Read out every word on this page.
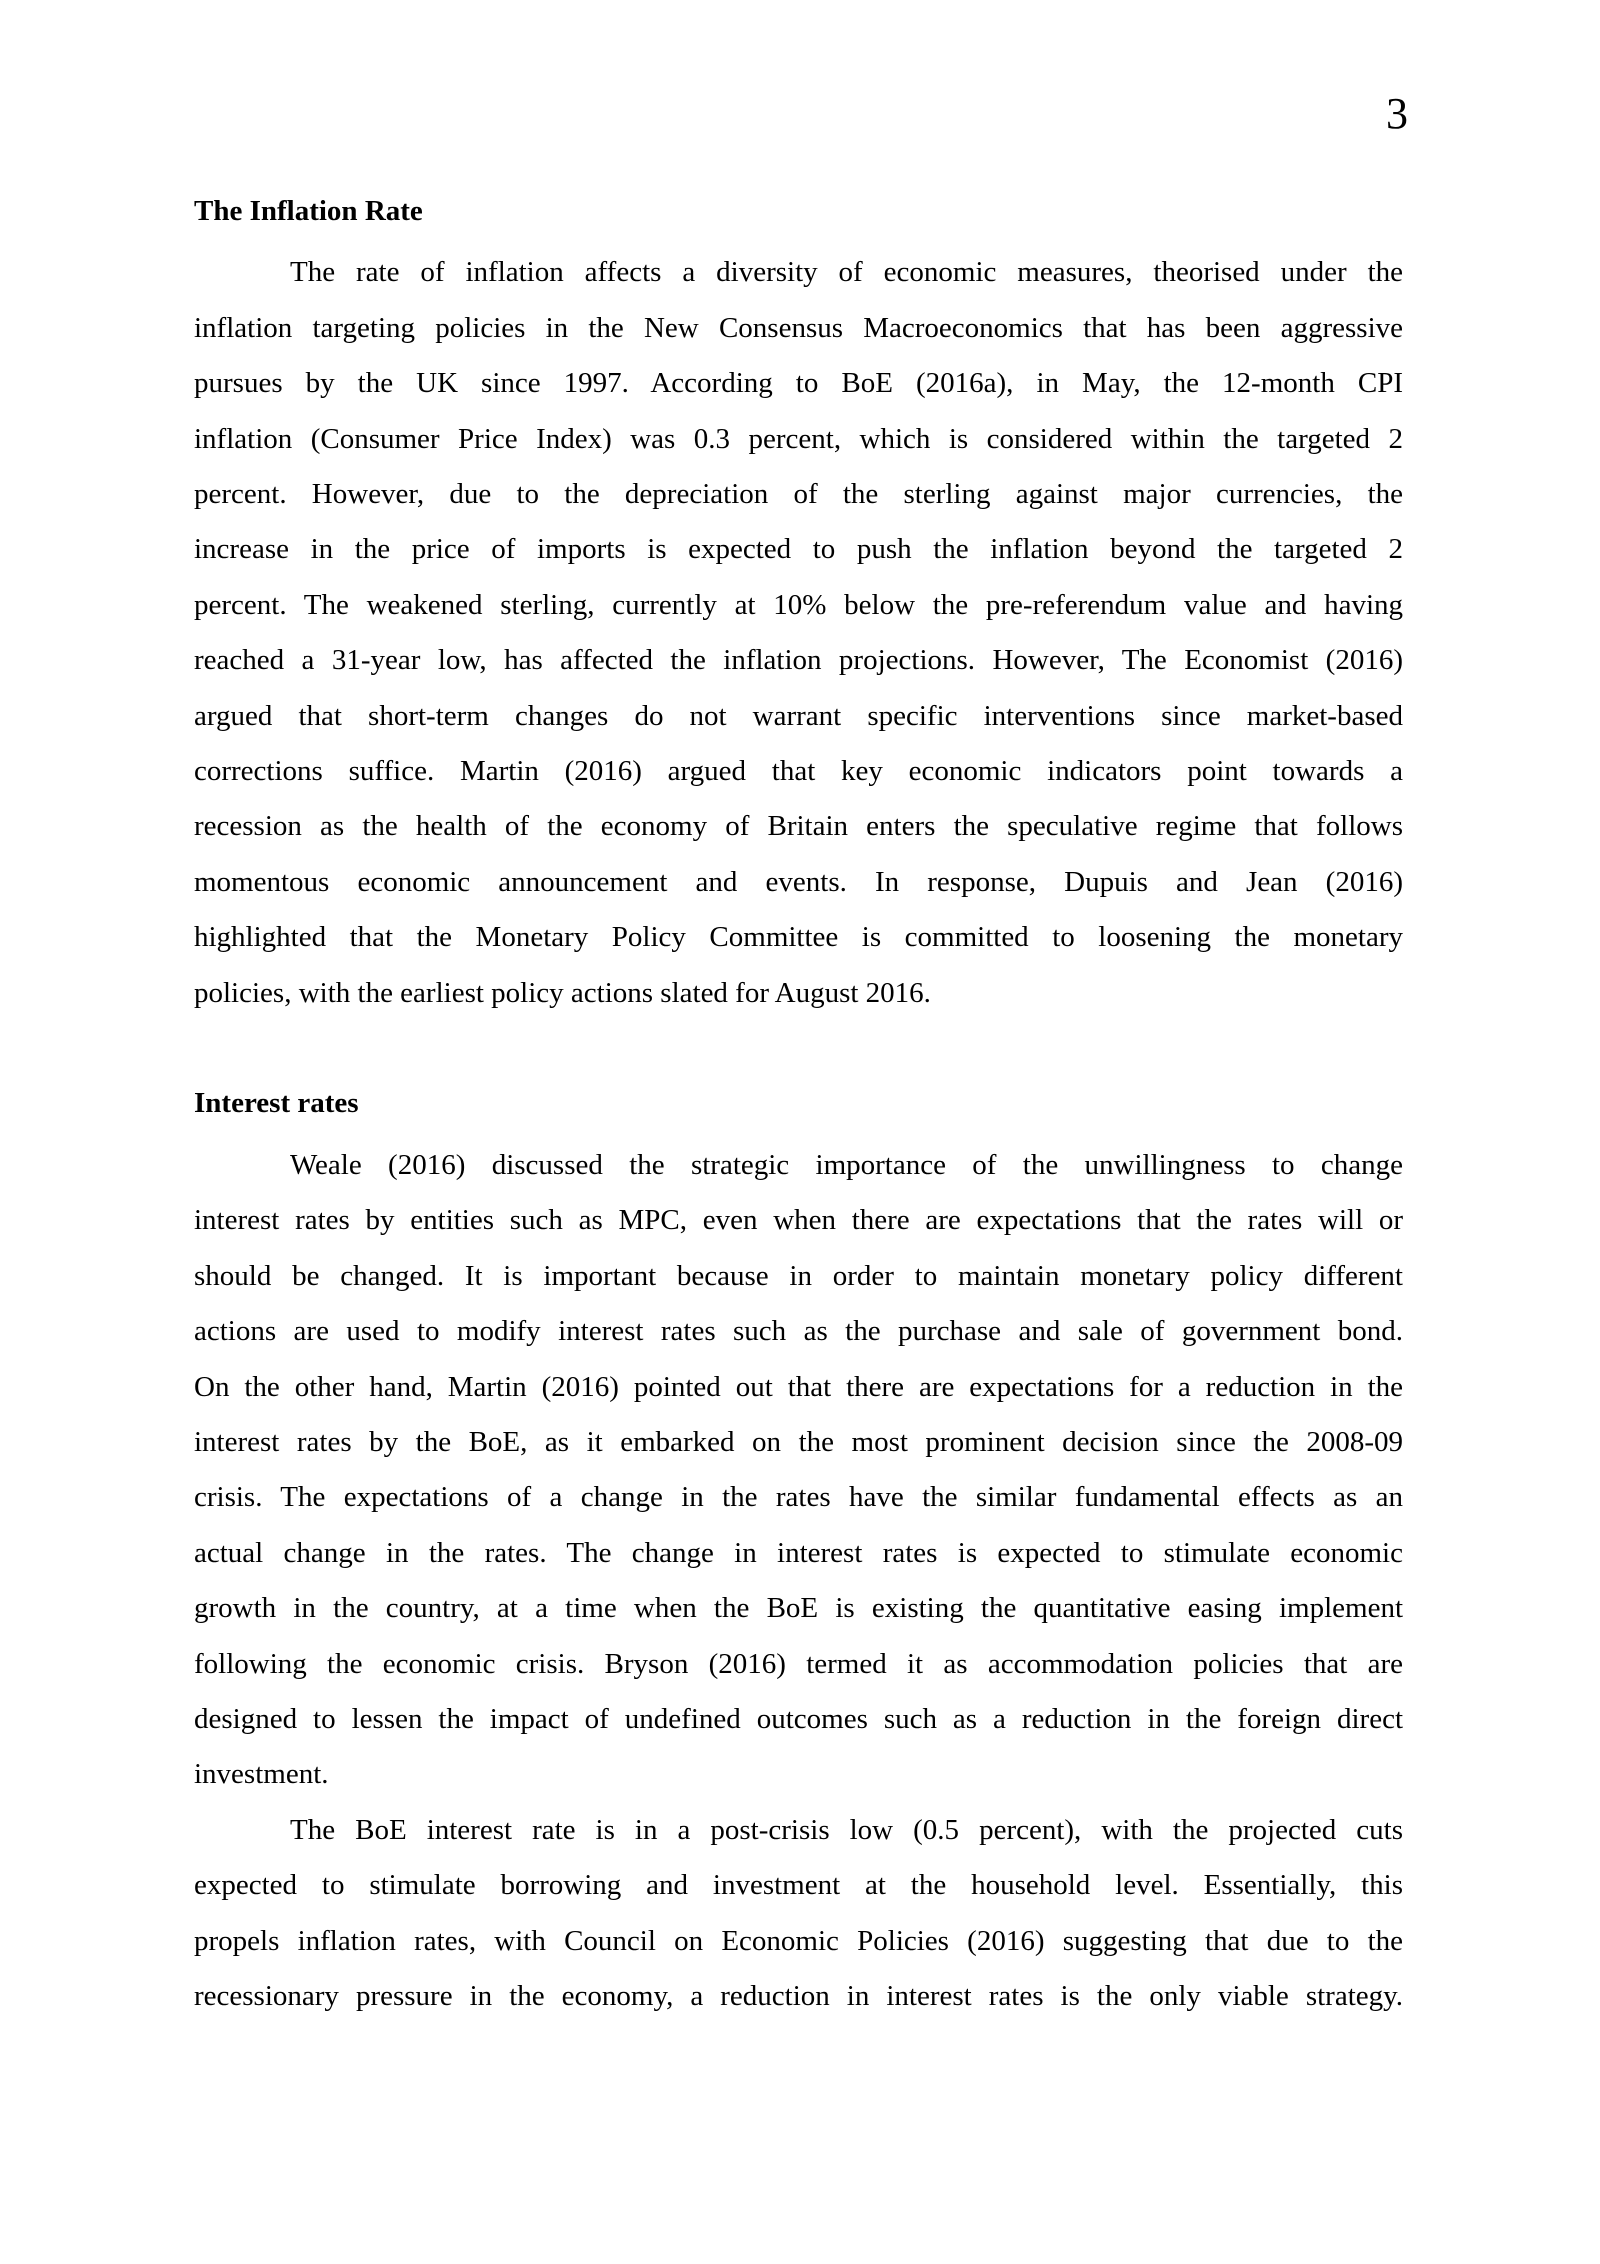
3
The Inflation Rate
The rate of inflation affects a diversity of economic measures, theorised under the
inflation targeting policies in the New Consensus Macroeconomics that has been aggressive
pursues by the UK since 1997. According to BoE (2016a), in May, the 12-month CPI
inflation (Consumer Price Index) was 0.3 percent, which is considered within the targeted 2
percent. However, due to the depreciation of the sterling against major currencies, the
increase in the price of imports is expected to push the inflation beyond the targeted 2
percent. The weakened sterling, currently at 10% below the pre-referendum value and having
reached a 31-year low, has affected the inflation projections. However, The Economist (2016)
argued that short-term changes do not warrant specific interventions since market-based
corrections suffice. Martin (2016) argued that key economic indicators point towards a
recession as the health of the economy of Britain enters the speculative regime that follows
momentous economic announcement and events. In response, Dupuis and Jean (2016)
highlighted that the Monetary Policy Committee is committed to loosening the monetary
policies, with the earliest policy actions slated for August 2016.
Interest rates
Weale (2016) discussed the strategic importance of the unwillingness to change
interest rates by entities such as MPC, even when there are expectations that the rates will or
should be changed. It is important because in order to maintain monetary policy different
actions are used to modify interest rates such as the purchase and sale of government bond.
On the other hand, Martin (2016) pointed out that there are expectations for a reduction in the
interest rates by the BoE, as it embarked on the most prominent decision since the 2008-09
crisis. The expectations of a change in the rates have the similar fundamental effects as an
actual change in the rates. The change in interest rates is expected to stimulate economic
growth in the country, at a time when the BoE is existing the quantitative easing implement
following the economic crisis. Bryson (2016) termed it as accommodation policies that are
designed to lessen the impact of undefined outcomes such as a reduction in the foreign direct
investment.
The BoE interest rate is in a post-crisis low (0.5 percent), with the projected cuts
expected to stimulate borrowing and investment at the household level. Essentially, this
propels inflation rates, with Council on Economic Policies (2016) suggesting that due to the
recessionary pressure in the economy, a reduction in interest rates is the only viable strategy.
